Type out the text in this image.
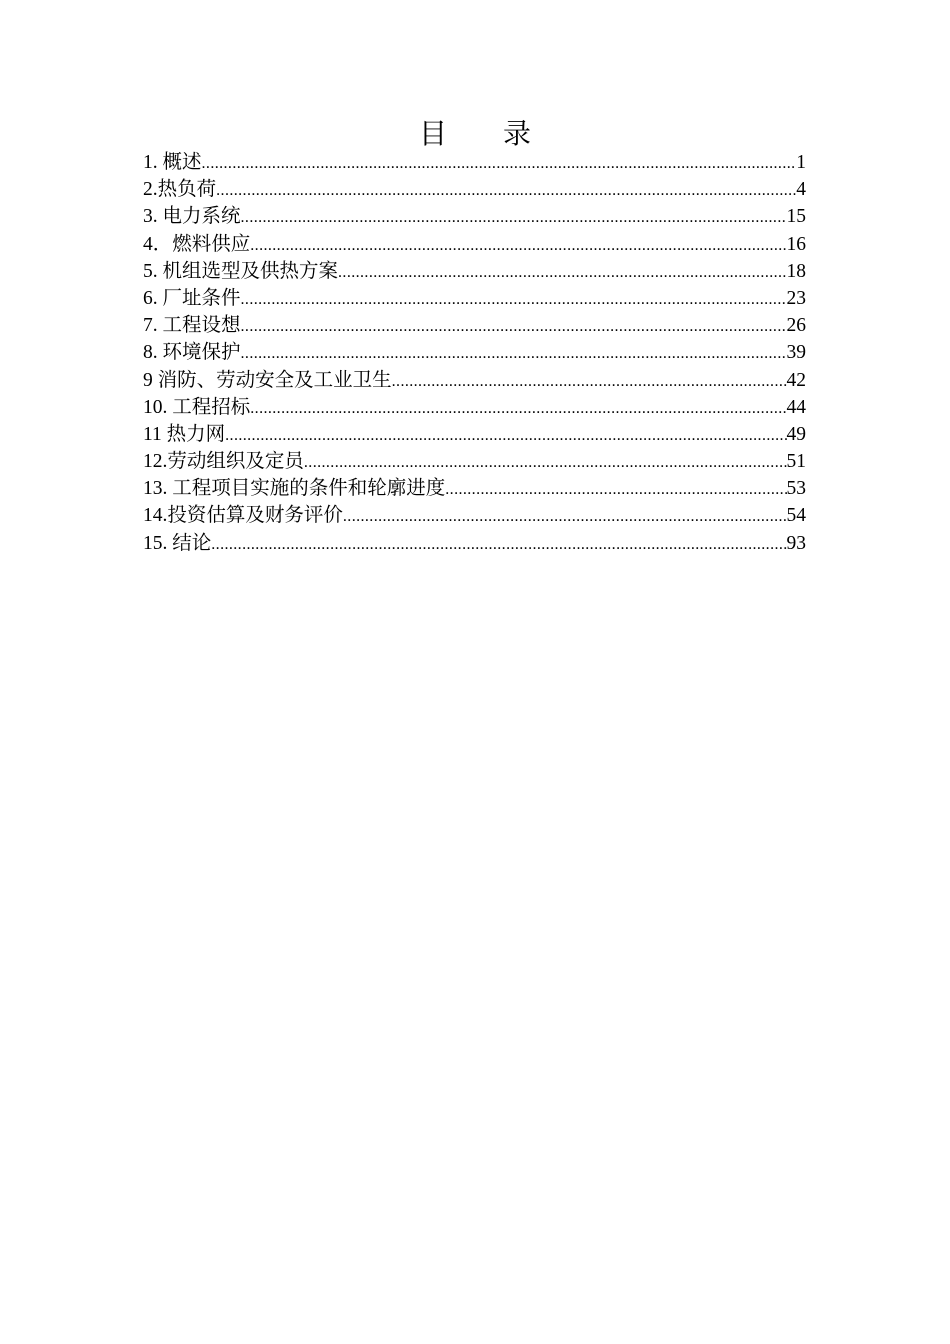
目 录
1. 概述 .....	1
2.热负荷 .....	4
3. 电力系统 .....	15
4．燃料供应 .....	16
5. 机组选型及供热方案 .....	18
6. 厂址条件 .....	23
7. 工程设想 .....	26
8. 环境保护 .....	39
9 消防、劳动安全及工业卫生 .....	42
10. 工程招标 .....	44
11 热力网 .....	49
12.劳动组织及定员 .....	51
13. 工程项目实施的条件和轮廓进度 .....	53
14.投资估算及财务评价 .....	54
15. 结论 .....	93
